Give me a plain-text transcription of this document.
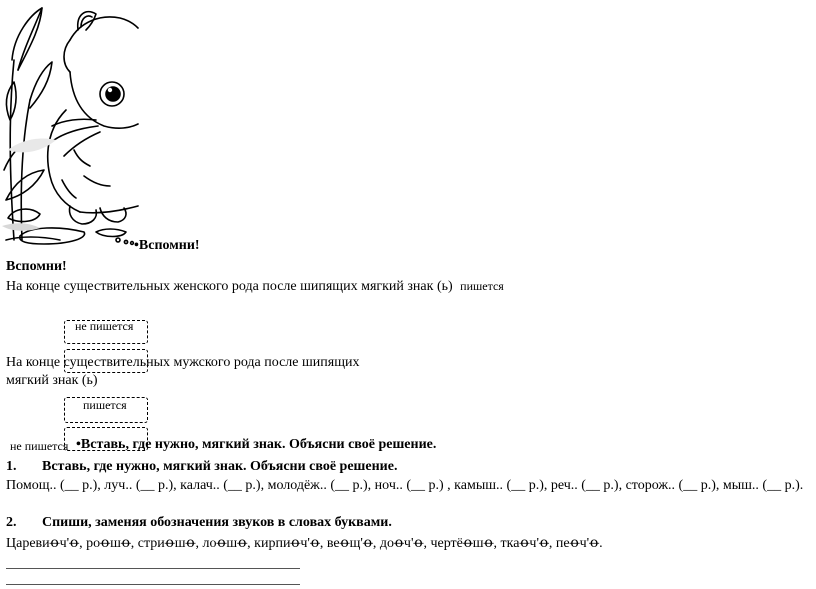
•Вспомни!
Вспомни!
На конце существительных женского рода после шипящих мягкий знак (ь) пишется
не пишется
На конце существительных мужского рода после шипящих
мягкий знак (ь)
пишется
не пишется •Вставь, где нужно, мягкий знак. Объясни своё решение.
1. Вставь, где нужно, мягкий знак. Объясни своё решение.
Помощ.. (__ р.), луч.. (__ р.), калач.. (__ р.), молодёж.. (__ р.), ноч.. (__ р.) , камыш.. (__ р.), реч.. (__ р.), сторож.. (__ р.), мыш.. (__ р.).
2. Спиши, заменяя обозначения звуков в словах буквами.
Царевиꝋч'ꝋ, роꝋшꝋ, стриꝋшꝋ, лоꝋшꝋ, кирпиꝋч'ꝋ, веꝋщ'ꝋ, доꝋч'ꝋ, чертёꝋшꝋ, ткаꝋч'ꝋ, пеꝋч'ꝋ.
